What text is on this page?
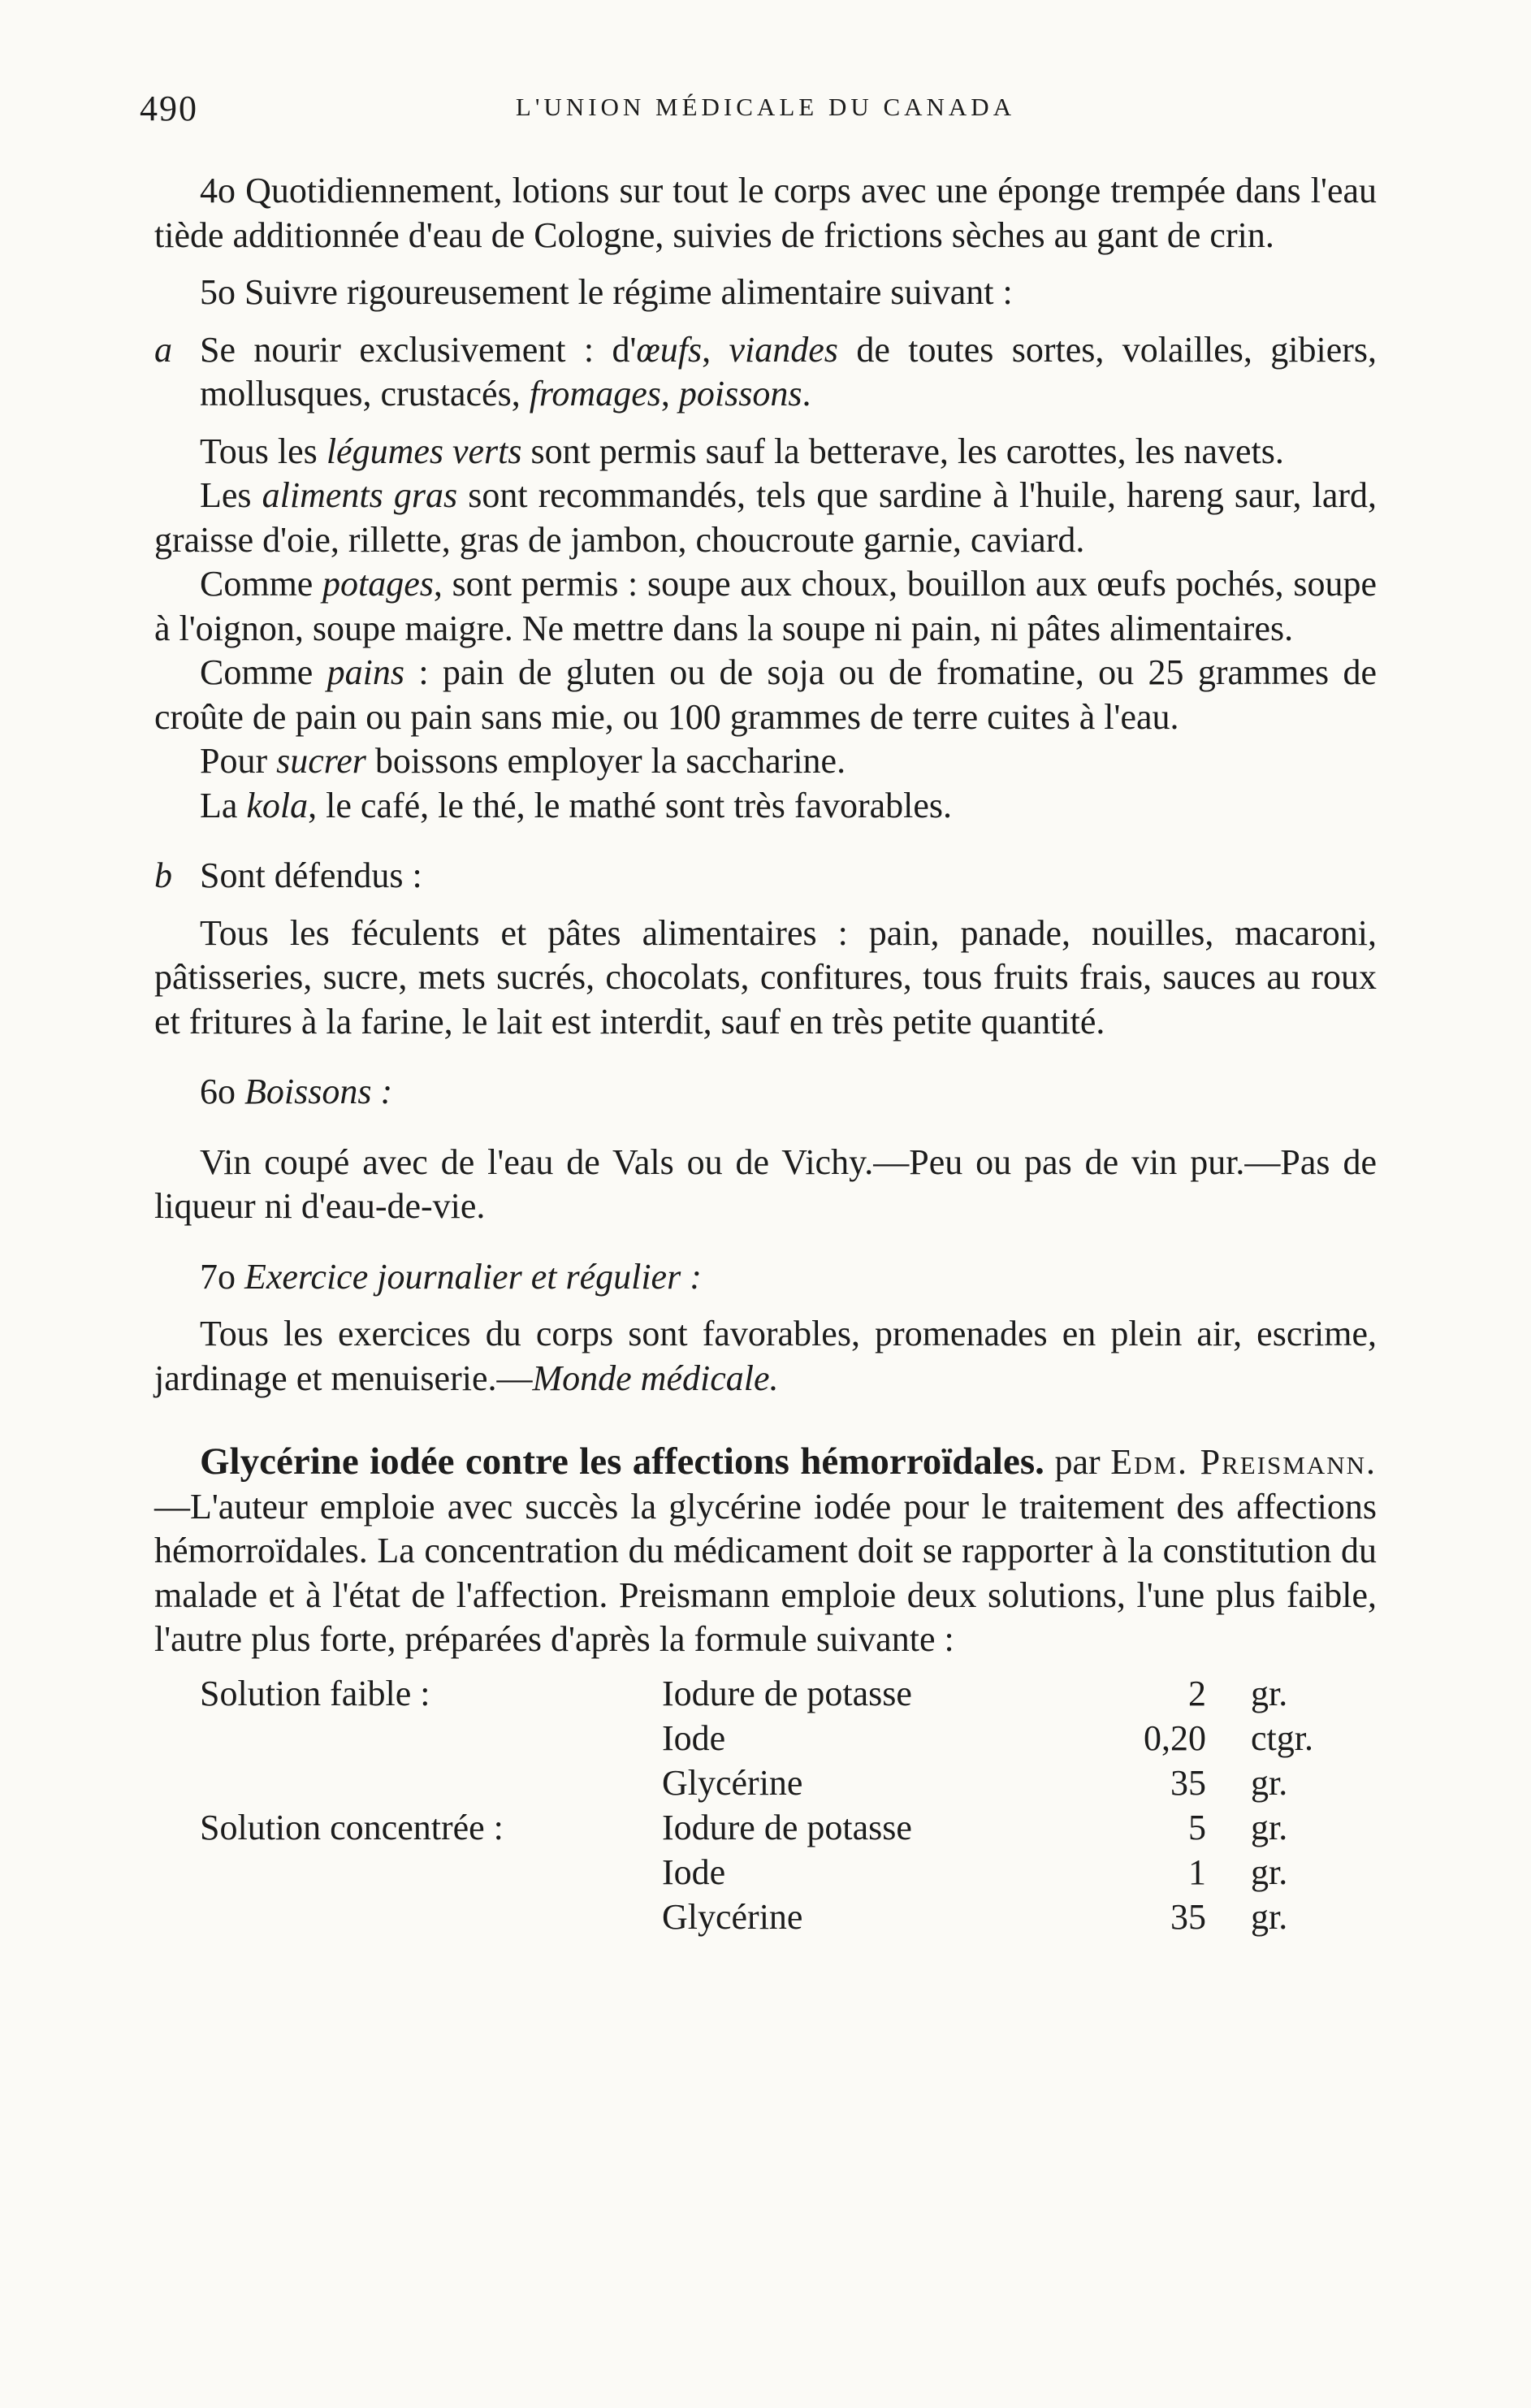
490	L'UNION MÉDICALE DU CANADA

4o Quotidiennement, lotions sur tout le corps avec une éponge trempée dans l'eau tiède additionnée d'eau de Cologne, suivies de frictions sèches au gant de crin.

5o Suivre rigoureusement le régime alimentaire suivant :

a Se nourir exclusivement : d'œufs, viandes de toutes sortes, volailles, gibiers, mollusques, crustacés, fromages, poissons.

Tous les légumes verts sont permis sauf la betterave, les carottes, les navets.

Les aliments gras sont recommandés, tels que sardine à l'huile, hareng saur, lard, graisse d'oie, rillette, gras de jambon, choucroute garnie, caviard.

Comme potages, sont permis : soupe aux choux, bouillon aux œufs pochés, soupe à l'oignon, soupe maigre. Ne mettre dans la soupe ni pain, ni pâtes alimentaires.

Comme pains : pain de gluten ou de soja ou de fromatine, ou 25 grammes de croûte de pain ou pain sans mie, ou 100 grammes de terre cuites à l'eau.

Pour sucrer boissons employer la saccharine.

La kola, le café, le thé, le mathé sont très favorables.

b Sont défendus :

Tous les féculents et pâtes alimentaires : pain, panade, nouilles, macaroni, pâtisseries, sucre, mets sucrés, chocolats, confitures, tous fruits frais, sauces au roux et fritures à la farine, le lait est interdit, sauf en très petite quantité.

6o Boissons :

Vin coupé avec de l'eau de Vals ou de Vichy.—Peu ou pas de vin pur.—Pas de liqueur ni d'eau-de-vie.

7o Exercice journalier et régulier :

Tous les exercices du corps sont favorables, promenades en plein air, escrime, jardinage et menuiserie.—Monde médicale.

Glycérine iodée contre les affections hémorroïdales. par Edm. Preismann.—L'auteur emploie avec succès la glycérine iodée pour le traitement des affections hémorroïdales. La concentration du médicament doit se rapporter à la constitution du malade et à l'état de l'affection. Preismann emploie deux solutions, l'une plus faible, l'autre plus forte, préparées d'après la formule suivante :

Solution faible :	Iodure de potasse	2 gr.
Iode	0,20 ctgr.
Glycérine	35 gr.
Solution concentrée :	Iodure de potasse	5 gr.
Iode	1 gr.
Glycérine	35 gr.
